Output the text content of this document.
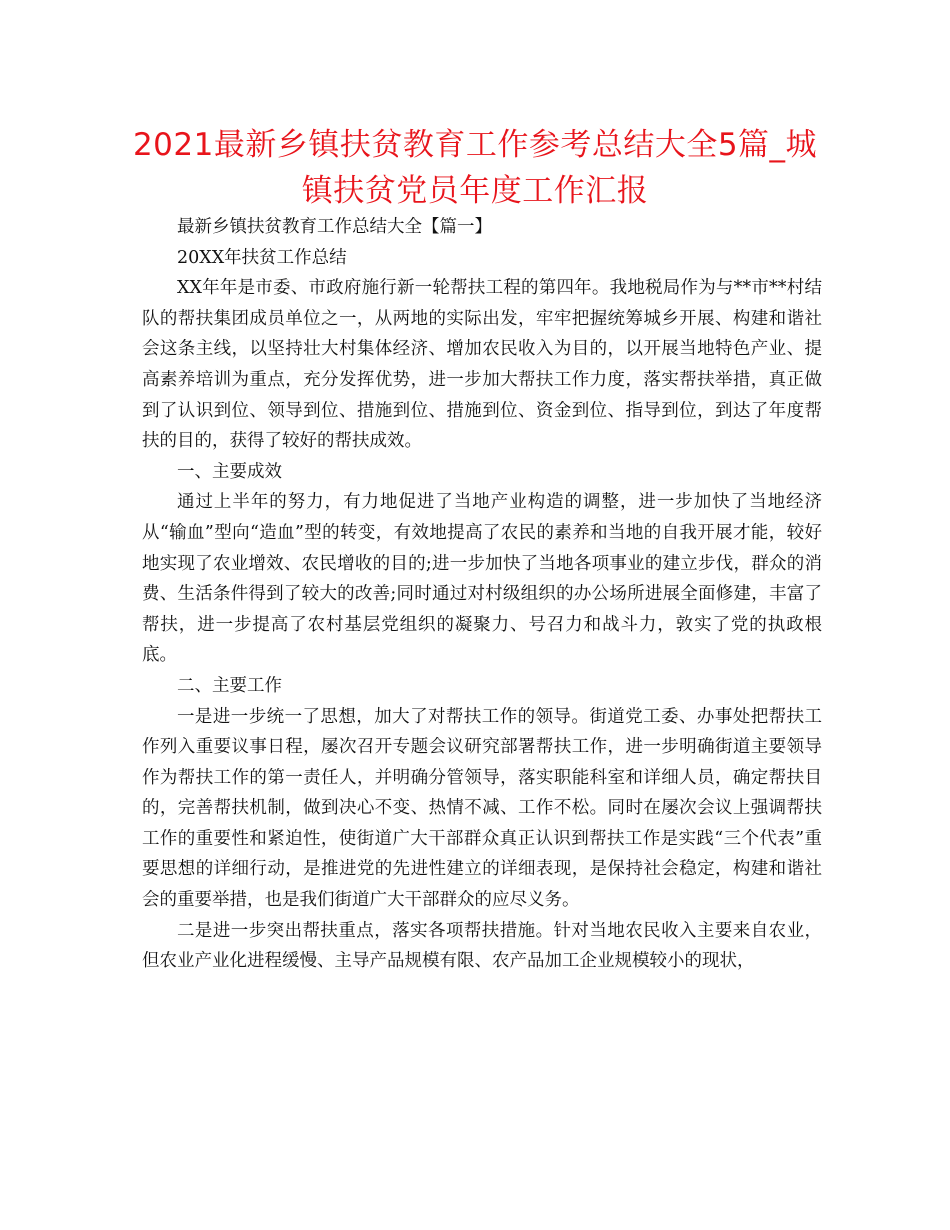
2021最新乡镇扶贫教育工作参考总结大全5篇_城镇扶贫党员年度工作汇报

最新乡镇扶贫教育工作总结大全【篇一】

20XX年扶贫工作总结

XX年年是市委、市政府施行新一轮帮扶工程的第四年。我地税局作为与**市**村结队的帮扶集团成员单位之一，从两地的实际出发，牢牢把握统筹城乡开展、构建和谐社会这条主线，以坚持壮大村集体经济、增加农民收入为目的，以开展当地特色产业、提高素养培训为重点，充分发挥优势，进一步加大帮扶工作力度，落实帮扶举措，真正做到了认识到位、领导到位、措施到位、措施到位、资金到位、指导到位，到达了年度帮扶的目的，获得了较好的帮扶成效。

一、主要成效

通过上半年的努力，有力地促进了当地产业构造的调整，进一步加快了当地经济从“输血”型向“造血”型的转变，有效地提高了农民的素养和当地的自我开展才能，较好地实现了农业增效、农民增收的目的;进一步加快了当地各项事业的建立步伐，群众的消费、生活条件得到了较大的改善;同时通过对村级组织的办公场所进展全面修建，丰富了帮扶，进一步提高了农村基层党组织的凝聚力、号召力和战斗力，敦实了党的执政根底。

二、主要工作

一是进一步统一了思想，加大了对帮扶工作的领导。街道党工委、办事处把帮扶工作列入重要议事日程，屡次召开专题会议研究部署帮扶工作，进一步明确街道主要领导作为帮扶工作的第一责任人，并明确分管领导，落实职能科室和详细人员，确定帮扶目的，完善帮扶机制，做到决心不变、热情不减、工作不松。同时在屡次会议上强调帮扶工作的重要性和紧迫性，使街道广大干部群众真正认识到帮扶工作是实践“三个代表”重要思想的详细行动，是推进党的先进性建立的详细表现，是保持社会稳定，构建和谐社会的重要举措，也是我们街道广大干部群众的应尽义务。

二是进一步突出帮扶重点，落实各项帮扶措施。针对当地农民收入主要来自农业，但农业产业化进程缓慢、主导产品规模有限、农产品加工企业规模较小的现状，
